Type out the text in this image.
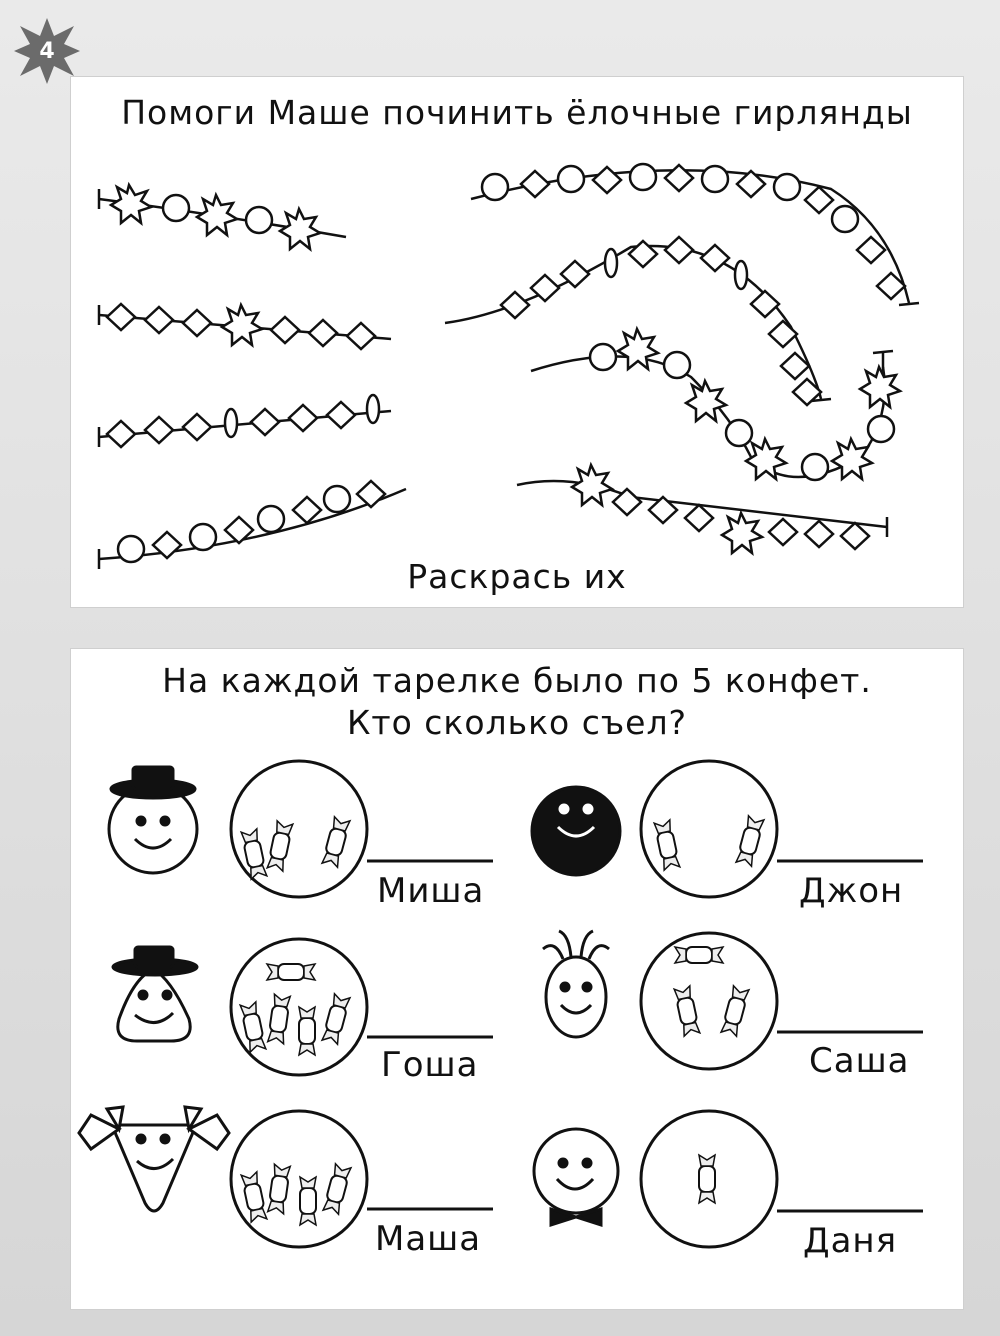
4
Помоги Маше починить ёлочные гирлянды
Раскрась их
На каждой тарелке было по 5 конфет.
Кто сколько съел?
Миша
Гоша
Маша
Джон
Саша
Даня
